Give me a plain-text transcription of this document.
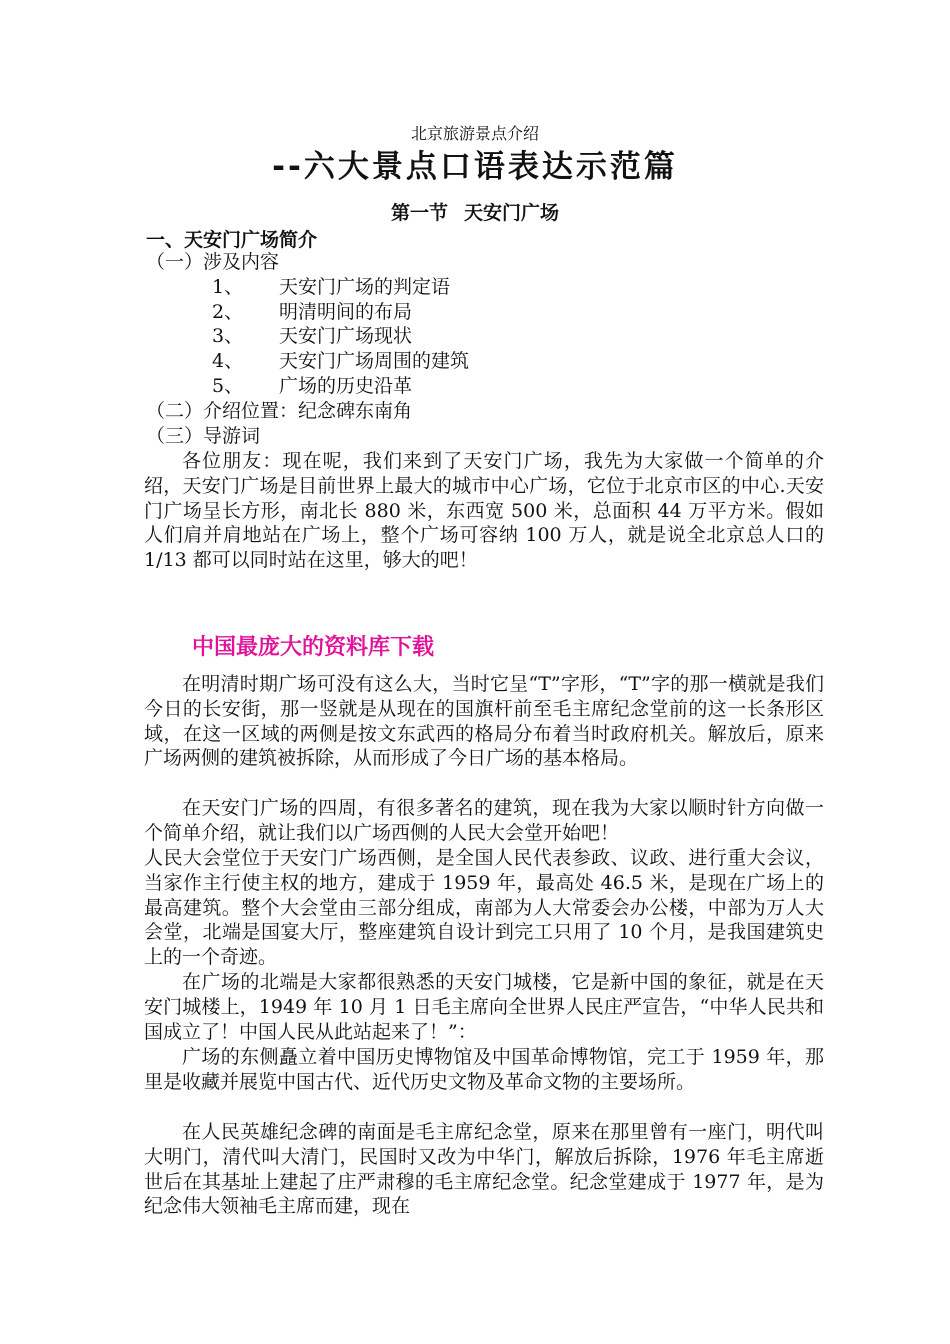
北京旅游景点介绍
--六大景点口语表达示范篇
第一节 天安门广场
一、天安门广场简介
（一）涉及内容
1、 天安门广场的判定语
2、 明清明间的布局
3、 天安门广场现状
4、 天安门广场周围的建筑
5、 广场的历史沿革
（二）介绍位置：纪念碑东南角
（三）导游词
各位朋友：现在呢，我们来到了天安门广场，我先为大家做一个简单的介绍，天安门广场是目前世界上最大的城市中心广场，它位于北京市区的中心.天安门广场呈长方形，南北长 880 米，东西宽 500 米，总面积 44 万平方米。假如人们肩并肩地站在广场上，整个广场可容纳 100 万人，就是说全北京总人口的 1/13 都可以同时站在这里，够大的吧！
中国最庞大的资料库下载
在明清时期广场可没有这么大，当时它呈“T”字形，“T”字的那一横就是我们今日的长安街，那一竖就是从现在的国旗杆前至毛主席纪念堂前的这一长条形区域，在这一区域的两侧是按文东武西的格局分布着当时政府机关。解放后，原来广场两侧的建筑被拆除，从而形成了今日广场的基本格局。
在天安门广场的四周，有很多著名的建筑，现在我为大家以顺时针方向做一个简单介绍，就让我们以广场西侧的人民大会堂开始吧！
人民大会堂位于天安门广场西侧，是全国人民代表参政、议政、进行重大会议，当家作主行使主权的地方，建成于 1959 年，最高处 46.5 米，是现在广场上的最高建筑。整个大会堂由三部分组成，南部为人大常委会办公楼，中部为万人大会堂，北端是国宴大厅，整座建筑自设计到完工只用了 10 个月，是我国建筑史上的一个奇迹。
在广场的北端是大家都很熟悉的天安门城楼，它是新中国的象征，就是在天安门城楼上，1949 年 10 月 1 日毛主席向全世界人民庄严宣告，“中华人民共和国成立了！中国人民从此站起来了！”：
广场的东侧矗立着中国历史博物馆及中国革命博物馆，完工于 1959 年，那里是收藏并展览中国古代、近代历史文物及革命文物的主要场所。
在人民英雄纪念碑的南面是毛主席纪念堂，原来在那里曾有一座门，明代叫大明门，清代叫大清门，民国时又改为中华门，解放后拆除，1976 年毛主席逝世后在其基址上建起了庄严肃穆的毛主席纪念堂。纪念堂建成于 1977 年，是为纪念伟大领袖毛主席而建，现在
